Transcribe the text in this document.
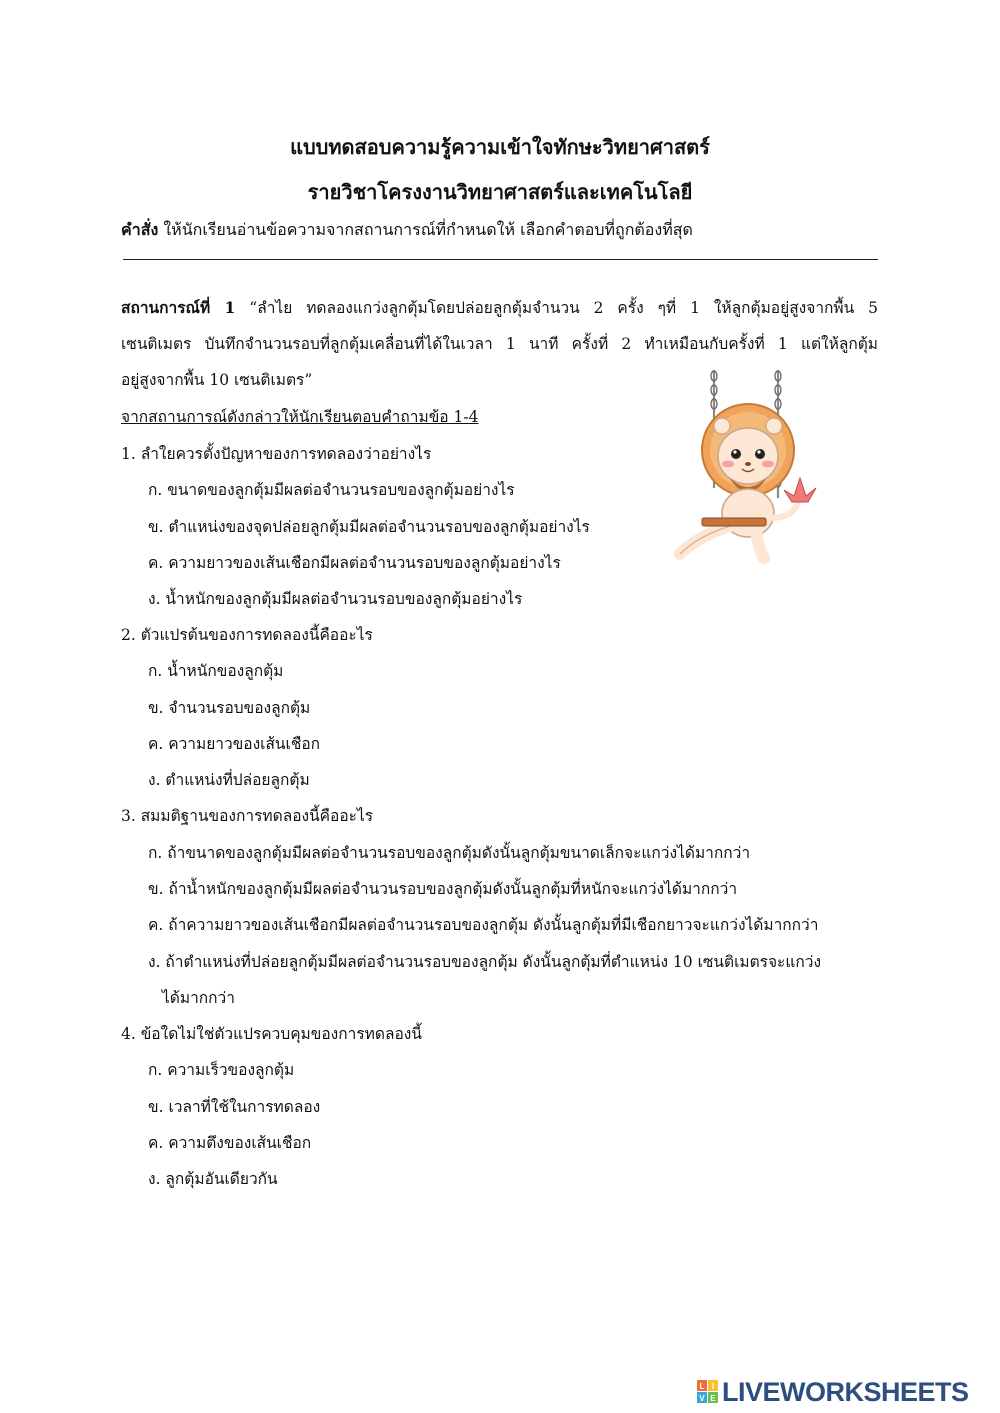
แบบทดสอบความรู้ความเข้าใจทักษะวิทยาศาสตร์
รายวิชาโครงงานวิทยาศาสตร์และเทคโนโลยี
คำสั่ง ให้นักเรียนอ่านข้อความจากสถานการณ์ที่กำหนดให้ เลือกคำตอบที่ถูกต้องที่สุด
สถานการณ์ที่ 1 “ลำไย ทดลองแกว่งลูกตุ้มโดยปล่อยลูกตุ้มจำนวน 2 ครั้ง ๆที่ 1 ให้ลูกตุ้มอยู่สูงจากพื้น 5
เซนติเมตร บันทึกจำนวนรอบที่ลูกตุ้มเคลื่อนที่ได้ในเวลา 1 นาที ครั้งที่ 2 ทำเหมือนกับครั้งที่ 1 แต่ให้ลูกตุ้ม
อยู่สูงจากพื้น 10 เซนติเมตร”
จากสถานการณ์ดังกล่าวให้นักเรียนตอบคำถามข้อ 1-4
1. ลำใยควรตั้งปัญหาของการทดลองว่าอย่างไร
ก. ขนาดของลูกตุ้มมีผลต่อจำนวนรอบของลูกตุ้มอย่างไร
ข. ตำแหน่งของจุดปล่อยลูกตุ้มมีผลต่อจำนวนรอบของลูกตุ้มอย่างไร
ค. ความยาวของเส้นเชือกมีผลต่อจำนวนรอบของลูกตุ้มอย่างไร
ง. น้ำหนักของลูกตุ้มมีผลต่อจำนวนรอบของลูกตุ้มอย่างไร
2. ตัวแปรต้นของการทดลองนี้คืออะไร
ก. น้ำหนักของลูกตุ้ม
ข. จำนวนรอบของลูกตุ้ม
ค. ความยาวของเส้นเชือก
ง. ตำแหน่งที่ปล่อยลูกตุ้ม
3. สมมติฐานของการทดลองนี้คืออะไร
ก. ถ้าขนาดของลูกตุ้มมีผลต่อจำนวนรอบของลูกตุ้มดังนั้นลูกตุ้มขนาดเล็กจะแกว่งได้มากกว่า
ข. ถ้าน้ำหนักของลูกตุ้มมีผลต่อจำนวนรอบของลูกตุ้มดังนั้นลูกตุ้มที่หนักจะแกว่งได้มากกว่า
ค. ถ้าความยาวของเส้นเชือกมีผลต่อจำนวนรอบของลูกตุ้ม ดังนั้นลูกตุ้มที่มีเชือกยาวจะแกว่งได้มากกว่า
ง. ถ้าตำแหน่งที่ปล่อยลูกตุ้มมีผลต่อจำนวนรอบของลูกตุ้ม ดังนั้นลูกตุ้มที่ตำแหน่ง 10 เซนติเมตรจะแกว่ง
ได้มากกว่า
4. ข้อใดไม่ใช่ตัวแปรควบคุมของการทดลองนี้
ก. ความเร็วของลูกตุ้ม
ข. เวลาที่ใช้ในการทดลอง
ค. ความตึงของเส้นเชือก
ง. ลูกตุ้มอันเดียวกัน
L I
V E LIVEWORKSHEETS
